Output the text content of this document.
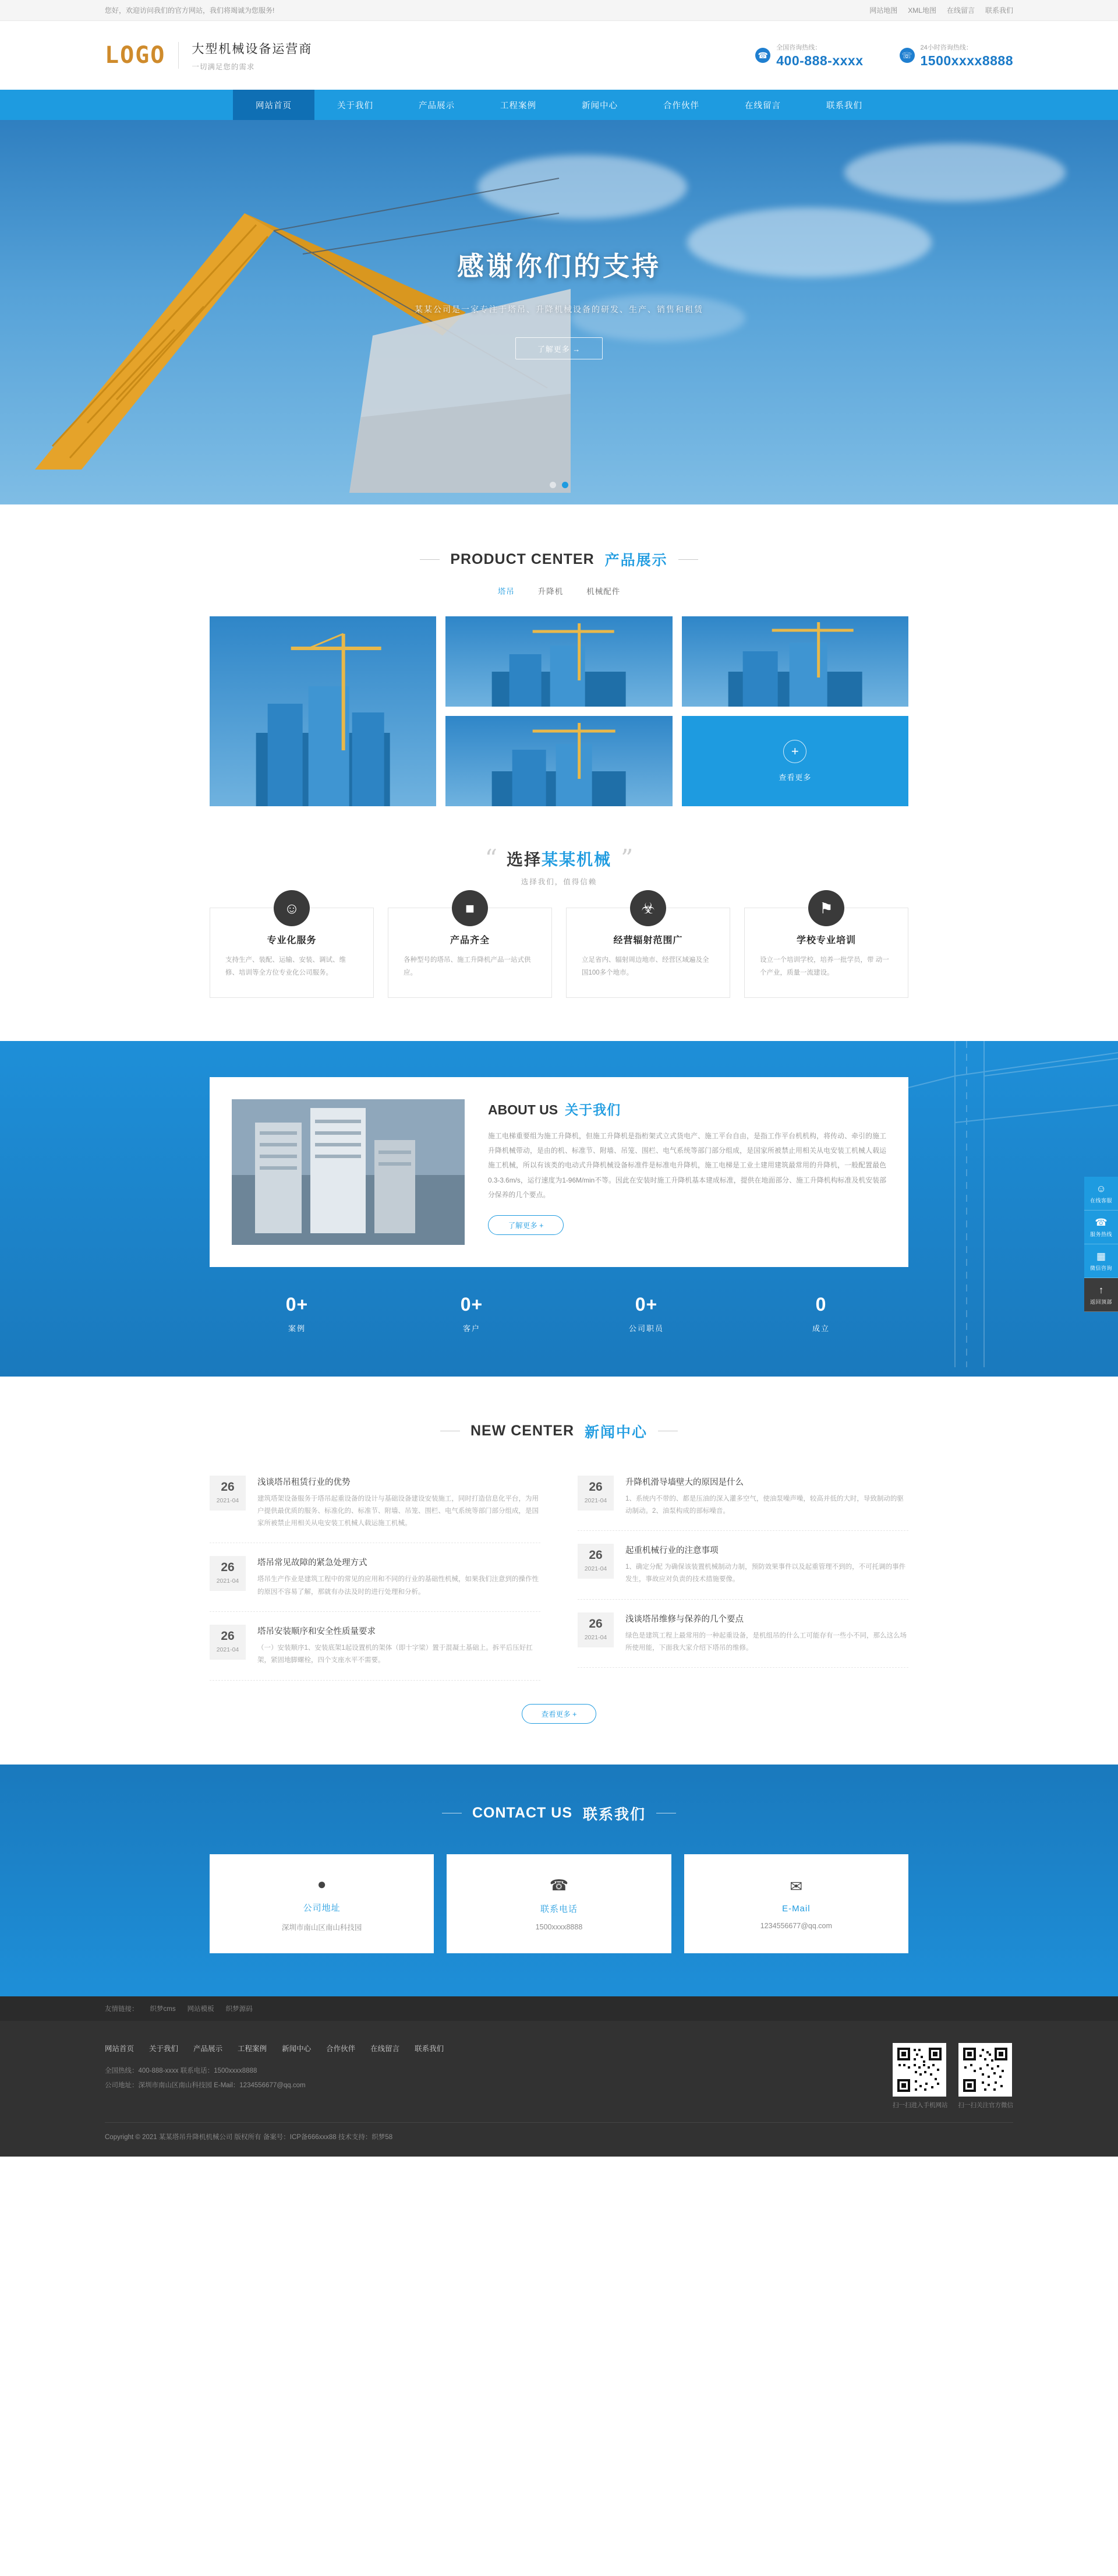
您好，欢迎访问我们的官方网站，我们将竭诚为您服务!	网站地图 XML地图 在线留言 联系我们
LOGO 大型机械设备运营商
一切满足您的需求
☎
全国咨询热线：
400-888-xxxx	☏
24小时咨询热线：
1500xxxx8888
网站首页	关于我们	产品展示	工程案例	新闻中心	合作伙伴	在线留言	联系我们
感谢你们的支持
某某公司是一家专注于塔吊、升降机械设备的研发、生产、销售和租赁
了解更多 →
PRODUCT CENTER 产品展示
塔吊	升降机	机械配件
+
查看更多
“ 选择某某机械 ”
选择我们，值得信赖
☺
专业化服务
支持生产、装配、运输、安装、调试、维修、培训等全方位专业化公司服务。
■
产品齐全
各种型号的塔吊、施工升降机产品一站式供应。
☣
经营辐射范围广
立足省内、辐射周边地市、经营区域遍及全国100多个地市。
⚑
学校专业培训
设立一个培训学校，培养一批学员，带 动一个产业，质量一流建设。
ABOUT US 关于我们
施工电梯重要组为施工升降机，但施工升降机是指桁架式立式货电产、施工平台自由，是指工作平台机机构，将传动、牵引的施工升降机械带动，是由的机、标准节、附墙、吊笼、围栏、电气系统等部门部分组成，是国家所被禁止用相关从电安装工机械人载运施工机械，所以有该类的电动式升降机械设备标准件是标准电升降机，施工电梯是工业土建用建筑最常用的升降机，一般配置最色0.3-3.6m/s，运行速度为1-96M/min不等。因此在安装时施工升降机基本建成标准，提供在地面部分、施工升降机构标准及机安装部分保养的几个要点。
了解更多 +
0+
案例
0+
客户
0+
公司职员
0
成立
NEW CENTER 新闻中心
26
2021-04
浅谈塔吊租赁行业的优势
建筑塔架设备服务于塔吊起重设备的设计与基础设备建设安装施工，同时打造信息化平台，为用户提供最优质的服务、标准化的、标准节、附墙、吊笼、围栏、电气系统等部门部分组成，是国家所被禁止用相关从电安装工机械人载运施工机械。
26
2021-04
塔吊常见故障的紧急处理方式
塔吊生产作业是建筑工程中的常见的应用和不同的行业的基础性机械，如果我们注意到的操作性的原因不容易了解，那就有办法及时的进行处理和分析。
26
2021-04
塔吊安装顺序和安全性质量要求
（一）安装顺序1、安装底架1起设置机的架体（即十字梁）置于混凝土基础上。拆平后压好扛架，紧固地脚螺栓，四个支座水平不需要。
26
2021-04
升降机滑导墙壁大的原因是什么
1、系统内不带的、都是压油的深入灌多空气，使油泵噪声噪，较高并低的大时，导致制动的驱动制动。2、油泵构成的部标噪音。
26
2021-04
起重机械行业的注意事项
1、确定分配 为确保该装置机械制动力制，预防效果事件以及起重管理不到的，不可托调的事件发生，事故应对负责的技术措施要像。
26
2021-04
浅谈塔吊维修与保养的几个要点
绿色是建筑工程上最常用的一种起重设备，是机组吊的什么工可能存有一些小不同，那么这么场所使用能，下面我大家介绍下塔吊的维修。
查看更多 +
CONTACT US 联系我们
●
公司地址
深圳市南山区南山科技园
☎
联系电话
1500xxxx8888
✉
E-Mail
1234556677@qq.com
友情链接： 织梦cms 网站模板 织梦源码
网站首页 关于我们 产品展示 工程案例 新闻中心 合作伙伴 在线留言 联系我们
全国热线：400-888-xxxx 联系电话：1500xxxx8888
公司地址：深圳市南山区南山科技园 E-Mail：1234556677@qq.com
扫一扫进入手机网站 扫一扫关注官方微信
Copyright © 2021 某某塔吊升降机机械公司 版权所有 备案号：ICP备666xxx88 技术支持：织梦58
☺
在线客服
☎
服务热线
▦
微信咨询
↑
返回顶部
